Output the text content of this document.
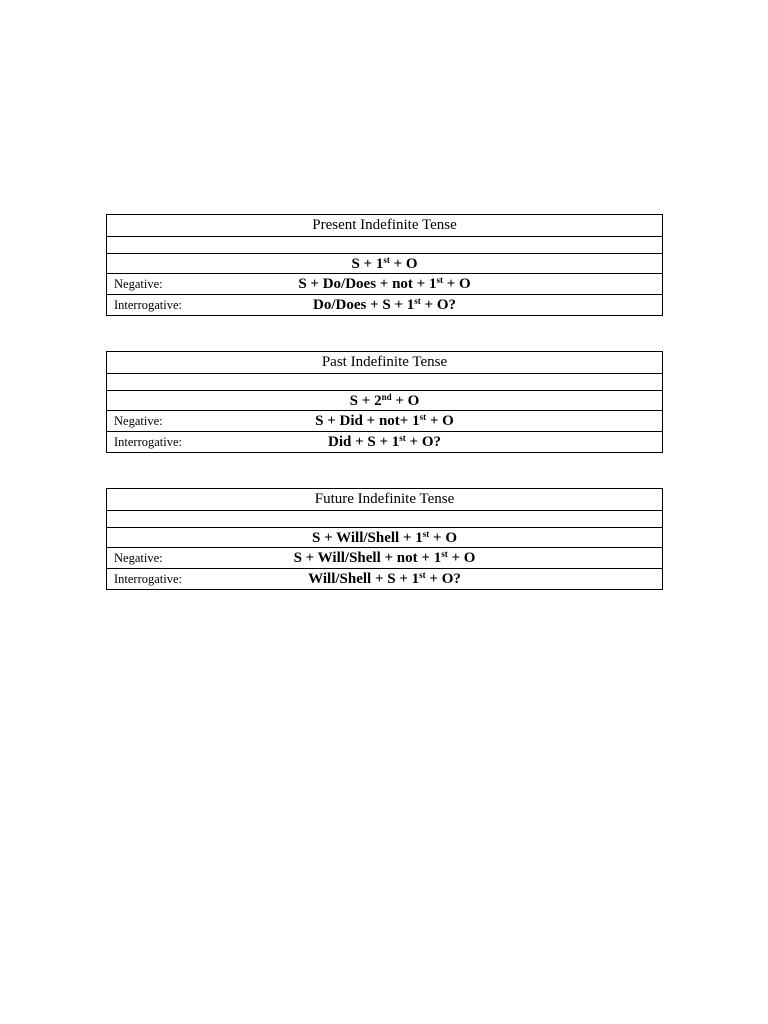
Present Indefinite Tense
S + 1st + O
Negative:	S + Do/Does + not + 1st + O
Interrogative:	Do/Does + S + 1st + O?
Past Indefinite Tense
S + 2nd + O
Negative:	S + Did + not+ 1st + O
Interrogative:	Did + S + 1st + O?
Future Indefinite Tense
S + Will/Shell + 1st + O
Negative:	S + Will/Shell + not + 1st + O
Interrogative:	Will/Shell + S + 1st + O?
